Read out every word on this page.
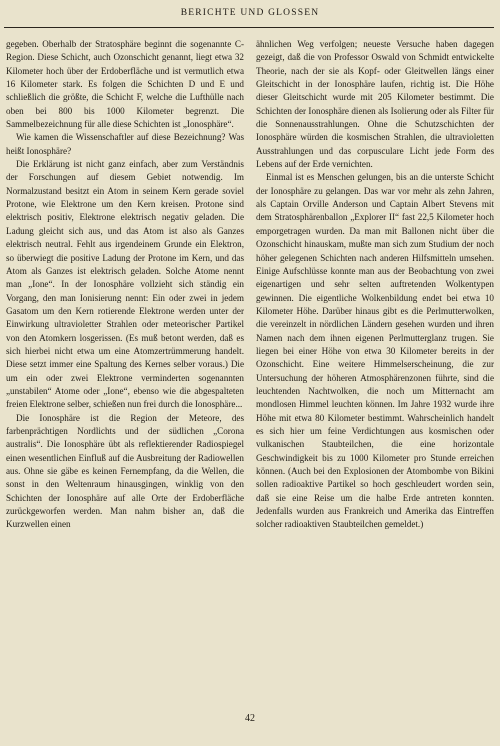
BERICHTE UND GLOSSEN

gegeben. Oberhalb der Stratosphäre beginnt die sogenannte C-Region. Diese Schicht, auch Ozonschicht genannt, liegt etwa 32 Kilometer hoch über der Erdoberfläche und ist vermutlich etwa 16 Kilometer stark. Es folgen die Schichten D und E und schließlich die größte, die Schicht F, welche die Lufthülle nach oben bei 800 bis 1000 Kilometer begrenzt. Die Sammelbezeichnung für alle diese Schichten ist „Ionosphäre“.

Wie kamen die Wissenschaftler auf diese Bezeichnung? Was heißt Ionosphäre?

Die Erklärung ist nicht ganz einfach, aber zum Verständnis der Forschungen auf diesem Gebiet notwendig. Im Normalzustand besitzt ein Atom in seinem Kern gerade soviel Protone, wie Elektrone um den Kern kreisen. Protone sind elektrisch positiv, Elektrone elektrisch negativ geladen. Die Ladung gleicht sich aus, und das Atom ist also als Ganzes elektrisch neutral. Fehlt aus irgendeinem Grunde ein Elektron, so überwiegt die positive Ladung der Protone im Kern, und das Atom als Ganzes ist elektrisch geladen. Solche Atome nennt man „Ione“. In der Ionosphäre vollzieht sich ständig ein Vorgang, den man Ionisierung nennt: Ein oder zwei in jedem Gasatom um den Kern rotierende Elektrone werden unter der Einwirkung ultravioletter Strahlen oder meteorischer Partikel von den Atomkern losgerissen. (Es muß betont werden, daß es sich hierbei nicht etwa um eine Atomzertrümmerung handelt. Diese setzt immer eine Spaltung des Kernes selber voraus.) Die um ein oder zwei Elektrone verminderten sogenannten „unstabilen“ Atome oder „Ione“, ebenso wie die abgespalteten freien Elektrone selber, schießen nun frei durch die Ionosphäre...

Die Ionosphäre ist die Region der Meteore, des farbenprächtigen Nordlichts und der südlichen „Corona australis“. Die Ionosphäre übt als reflektierender Radiospiegel einen wesentlichen Einfluß auf die Ausbreitung der Radiowellen aus. Ohne sie gäbe es keinen Fernempfang, da die Wellen, die sonst in den Weltenraum hinausgingen, winklig von den Schichten der Ionosphäre auf alle Orte der Erdoberfläche zurückgeworfen werden. Man nahm bisher an, daß die Kurzwellen einen

ähnlichen Weg verfolgen; neueste Versuche haben dagegen gezeigt, daß die von Professor Oswald von Schmidt entwickelte Theorie, nach der sie als Kopf- oder Gleitwellen längs einer Gleitschicht in der Ionosphäre laufen, richtig ist. Die Höhe dieser Gleitschicht wurde mit 205 Kilometer bestimmt. Die Schichten der Ionosphäre dienen als Isolierung oder als Filter für die Sonnenausstrahlungen. Ohne die Schutzschichten der Ionosphäre würden die kosmischen Strahlen, die ultravioletten Ausstrahlungen und das corpusculare Licht jede Form des Lebens auf der Erde vernichten.

Einmal ist es Menschen gelungen, bis an die unterste Schicht der Ionosphäre zu gelangen. Das war vor mehr als zehn Jahren, als Captain Orville Anderson und Captain Albert Stevens mit dem Stratosphärenballon „Explorer II“ fast 22,5 Kilometer hoch emporgetragen wurden. Da man mit Ballonen nicht über die Ozonschicht hinauskam, mußte man sich zum Studium der noch höher gelegenen Schichten nach anderen Hilfsmitteln umsehen. Einige Aufschlüsse konnte man aus der Beobachtung von zwei eigenartigen und sehr selten auftretenden Wolkentypen gewinnen. Die eigentliche Wolkenbildung endet bei etwa 10 Kilometer Höhe. Darüber hinaus gibt es die Perlmutterwolken, die vereinzelt in nördlichen Ländern gesehen wurden und ihren Namen nach dem ihnen eigenen Perlmutterglanz trugen. Sie liegen bei einer Höhe von etwa 30 Kilometer bereits in der Ozonschicht. Eine weitere Himmelserscheinung, die zur Untersuchung der höheren Atmosphärenzonen führte, sind die leuchtenden Nachtwolken, die noch um Mitternacht am mondlosen Himmel leuchten können. Im Jahre 1932 wurde ihre Höhe mit etwa 80 Kilometer bestimmt. Wahrscheinlich handelt es sich hier um feine Verdichtungen aus kosmischen oder vulkanischen Staubteilchen, die eine horizontale Geschwindigkeit bis zu 1000 Kilometer pro Stunde erreichen können. (Auch bei den Explosionen der Atombombe von Bikini sollen radioaktive Partikel so hoch geschleudert worden sein, daß sie eine Reise um die halbe Erde antreten konnten. Jedenfalls wurden aus Frankreich und Amerika das Eintreffen solcher radioaktiven Staubteilchen gemeldet.)

42
